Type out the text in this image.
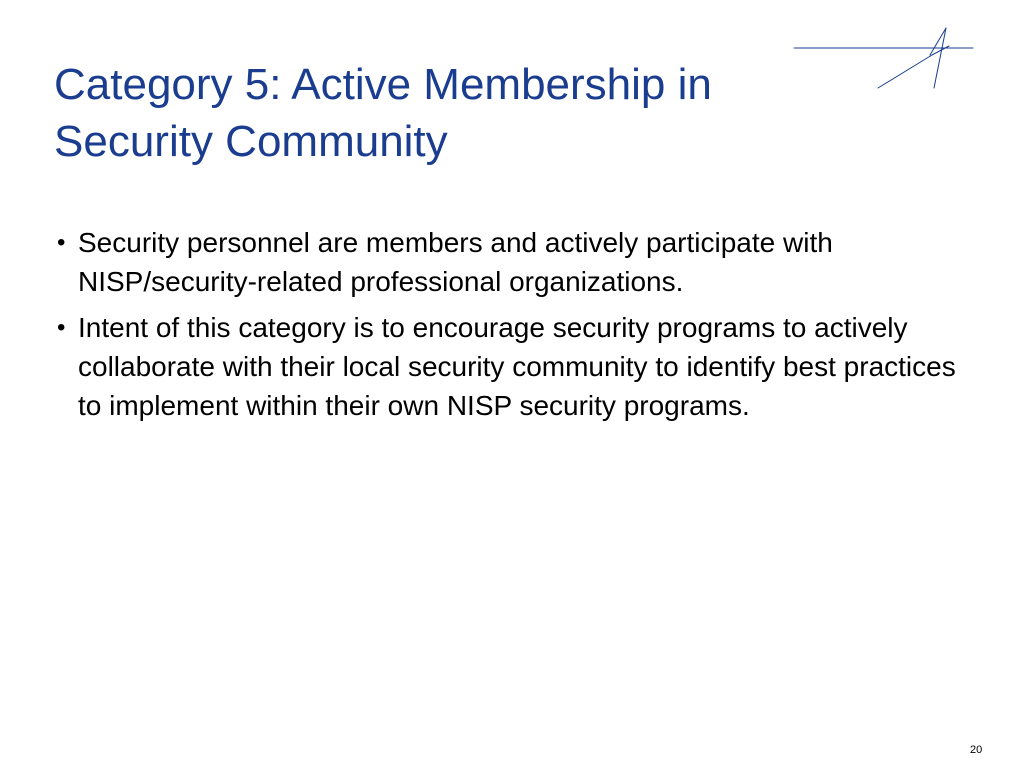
Category 5: Active Membership in Security Community
• Security personnel are members and actively participate with NISP/security-related professional organizations.
• Intent of this category is to encourage security programs to actively collaborate with their local security community to identify best practices to implement within their own NISP security programs.
20
